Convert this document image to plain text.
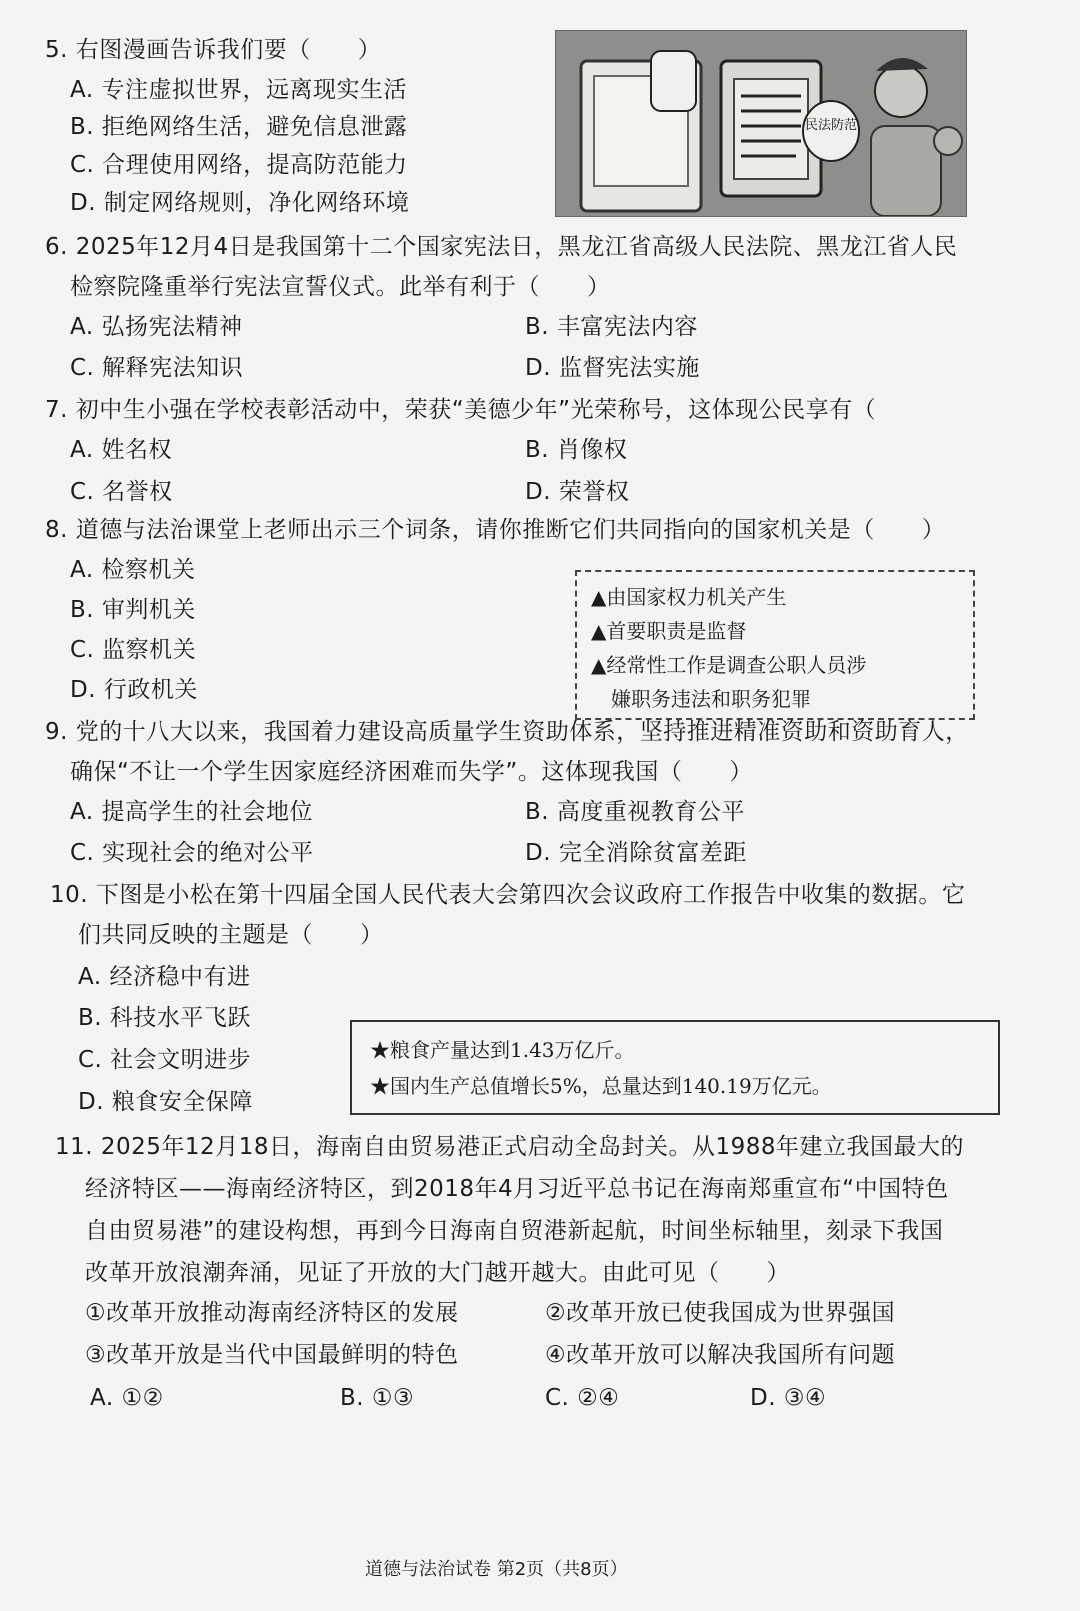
5. 右图漫画告诉我们要（　　）
A. 专注虚拟世界，远离现实生活
B. 拒绝网络生活，避免信息泄露
C. 合理使用网络，提高防范能力
D. 制定网络规则，净化网络环境
民法防范
6. 2025年12月4日是我国第十二个国家宪法日，黑龙江省高级人民法院、黑龙江省人民
检察院隆重举行宪法宣誓仪式。此举有利于（　　）
A. 弘扬宪法精神	B. 丰富宪法内容
C. 解释宪法知识	D. 监督宪法实施
7. 初中生小强在学校表彰活动中，荣获“美德少年”光荣称号，这体现公民享有（
A. 姓名权	B. 肖像权
C. 名誉权	D. 荣誉权
8. 道德与法治课堂上老师出示三个词条，请你推断它们共同指向的国家机关是（　　）
A. 检察机关
B. 审判机关
C. 监察机关
D. 行政机关
▲由国家权力机关产生
▲首要职责是监督
▲经常性工作是调查公职人员涉
　嫌职务违法和职务犯罪
9. 党的十八大以来，我国着力建设高质量学生资助体系，坚持推进精准资助和资助育人，
确保“不让一个学生因家庭经济困难而失学”。这体现我国（　　）
A. 提高学生的社会地位	B. 高度重视教育公平
C. 实现社会的绝对公平	D. 完全消除贫富差距
10. 下图是小松在第十四届全国人民代表大会第四次会议政府工作报告中收集的数据。它
们共同反映的主题是（　　）
A. 经济稳中有进
B. 科技水平飞跃
C. 社会文明进步
D. 粮食安全保障
★粮食产量达到1.43万亿斤。
★国内生产总值增长5%，总量达到140.19万亿元。
11. 2025年12月18日，海南自由贸易港正式启动全岛封关。从1988年建立我国最大的
经济特区——海南经济特区，到2018年4月习近平总书记在海南郑重宣布“中国特色
自由贸易港”的建设构想，再到今日海南自贸港新起航，时间坐标轴里，刻录下我国
改革开放浪潮奔涌，见证了开放的大门越开越大。由此可见（　　）
①改革开放推动海南经济特区的发展	②改革开放已使我国成为世界强国
③改革开放是当代中国最鲜明的特色	④改革开放可以解决我国所有问题
A. ①②	B. ①③	C. ②④	D. ③④
道德与法治试卷 第2页（共8页）
